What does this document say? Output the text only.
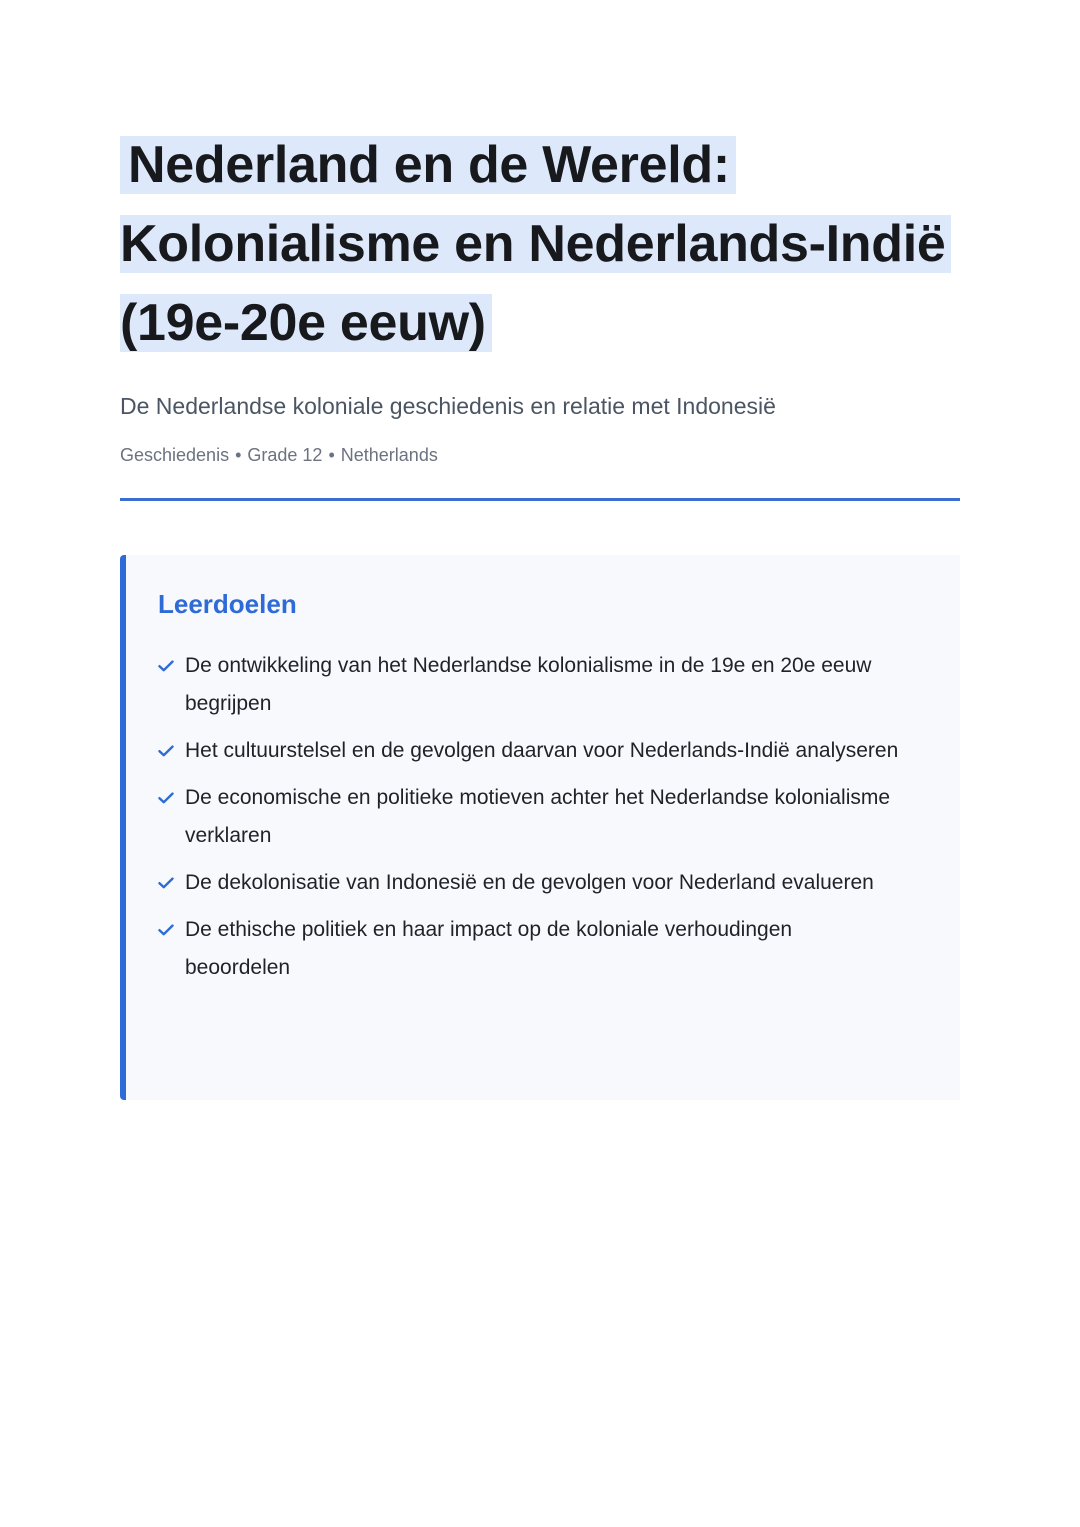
Nederland en de Wereld:
Kolonialisme en Nederlands-Indië
(19e-20e eeuw)
De Nederlandse koloniale geschiedenis en relatie met Indonesië
Geschiedenis • Grade 12 • Netherlands
Leerdoelen
De ontwikkeling van het Nederlandse kolonialisme in de 19e en 20e eeuw begrijpen
Het cultuurstelsel en de gevolgen daarvan voor Nederlands-Indië analyseren
De economische en politieke motieven achter het Nederlandse kolonialisme verklaren
De dekolonisatie van Indonesië en de gevolgen voor Nederland evalueren
De ethische politiek en haar impact op de koloniale verhoudingen beoordelen
